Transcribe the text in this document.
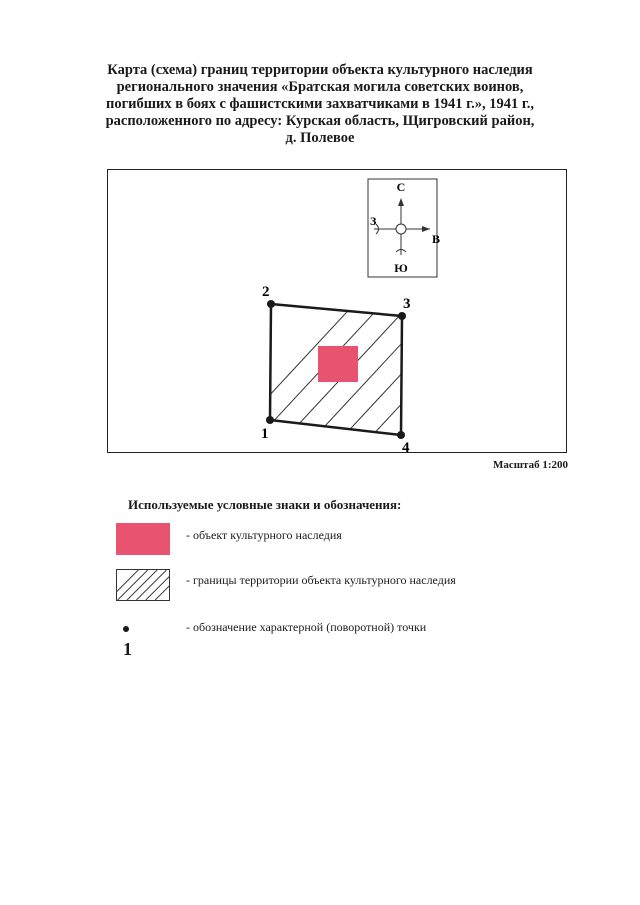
Карта (схема) границ территории объекта культурного наследия
регионального значения «Братская могила советских воинов,
погибших в боях с фашистскими захватчиками в 1941 г.», 1941 г.,
расположенного по адресу: Курская область, Щигровский район,
д. Полевое
С
Ю
В
З
1
2
3
4
Масштаб 1:200
Используемые условные знаки и обозначения:
- объект культурного наследия
- границы территории объекта культурного наследия
1
- обозначение характерной (поворотной) точки
